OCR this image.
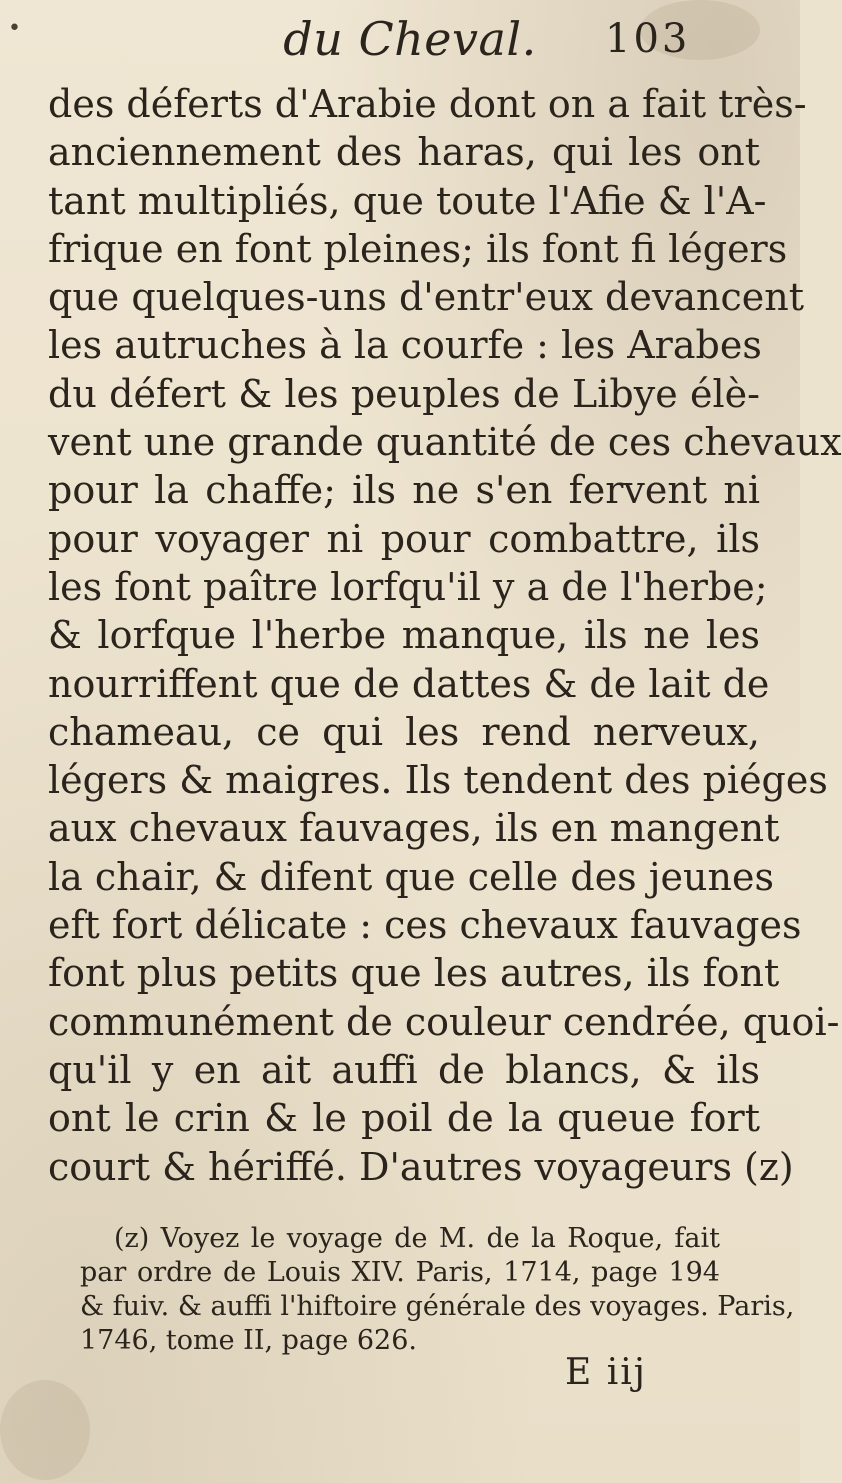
•	du Cheval.	103
des déferts d'Arabie dont on a fait très-
anciennement des haras, qui les ont
tant multipliés, que toute l'Afie & l'A-
frique en font pleines; ils font fi légers
que quelques-uns d'entr'eux devancent
les autruches à la courfe : les Arabes
du défert & les peuples de Libye élè-
vent une grande quantité de ces chevaux
pour la chaffe; ils ne s'en fervent ni
pour voyager ni pour combattre, ils
les font paître lorfqu'il y a de l'herbe;
& lorfque l'herbe manque, ils ne les
nourriffent que de dattes & de lait de
chameau, ce qui les rend nerveux,
légers & maigres. Ils tendent des piéges
aux chevaux fauvages, ils en mangent
la chair, & difent que celle des jeunes
eft fort délicate : ces chevaux fauvages
font plus petits que les autres, ils font
communément de couleur cendrée, quoi-
qu'il y en ait auffi de blancs, & ils
ont le crin & le poil de la queue fort
court & hériffé. D'autres voyageurs (z)
(z) Voyez le voyage de M. de la Roque, fait
par ordre de Louis XIV. Paris, 1714, page 194
& fuiv. & auffi l'hiftoire générale des voyages. Paris,
1746, tome II, page 626.
E iij
